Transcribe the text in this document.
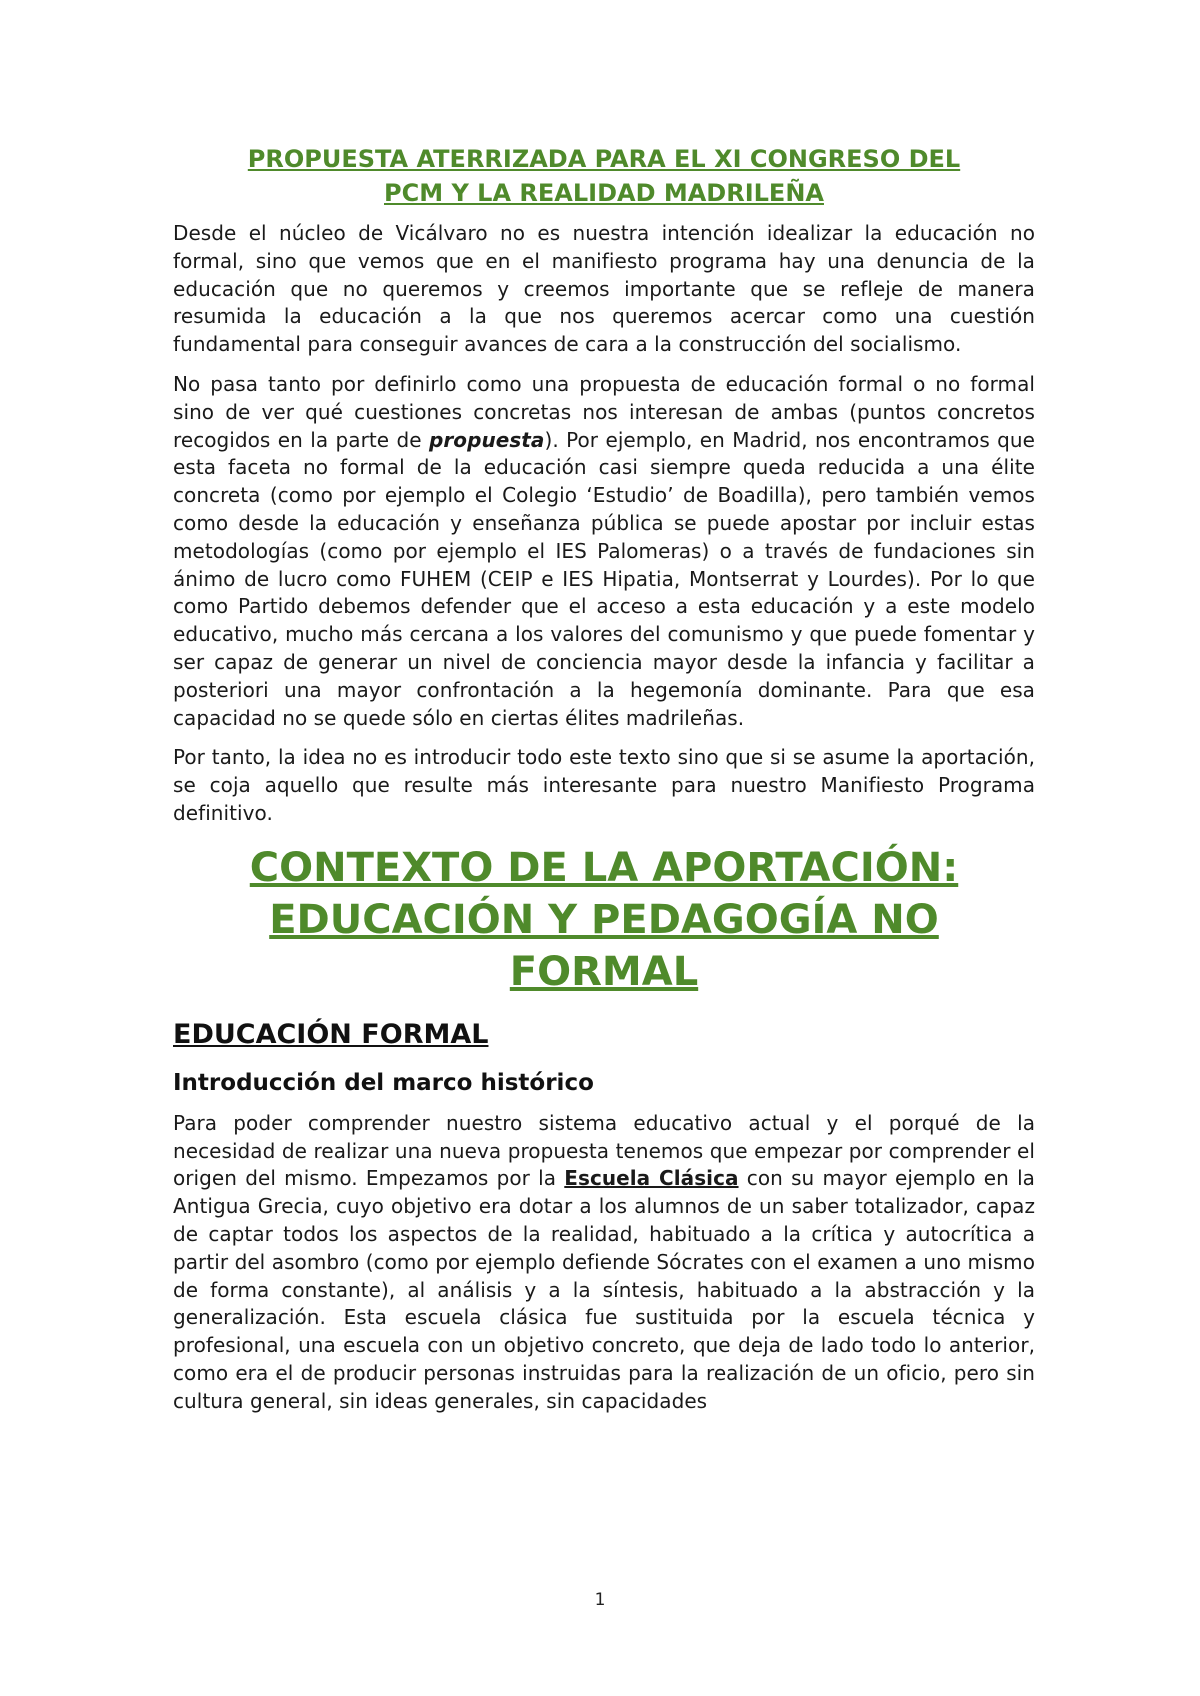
PROPUESTA ATERRIZADA PARA EL XI CONGRESO DEL
PCM Y LA REALIDAD MADRILEÑA

Desde el núcleo de Vicálvaro no es nuestra intención idealizar la educación no formal, sino que vemos que en el manifiesto programa hay una denuncia de la educación que no queremos y creemos importante que se refleje de manera resumida la educación a la que nos queremos acercar como una cuestión fundamental para conseguir avances de cara a la construcción del socialismo.

No pasa tanto por definirlo como una propuesta de educación formal o no formal sino de ver qué cuestiones concretas nos interesan de ambas (puntos concretos recogidos en la parte de propuesta). Por ejemplo, en Madrid, nos encontramos que esta faceta no formal de la educación casi siempre queda reducida a una élite concreta (como por ejemplo el Colegio ‘Estudio’ de Boadilla), pero también vemos como desde la educación y enseñanza pública se puede apostar por incluir estas metodologías (como por ejemplo el IES Palomeras) o a través de fundaciones sin ánimo de lucro como FUHEM (CEIP e IES Hipatia, Montserrat y Lourdes). Por lo que como Partido debemos defender que el acceso a esta educación y a este modelo educativo, mucho más cercana a los valores del comunismo y que puede fomentar y ser capaz de generar un nivel de conciencia mayor desde la infancia y facilitar a posteriori una mayor confrontación a la hegemonía dominante. Para que esa capacidad no se quede sólo en ciertas élites madrileñas.

Por tanto, la idea no es introducir todo este texto sino que si se asume la aportación, se coja aquello que resulte más interesante para nuestro Manifiesto Programa definitivo.

CONTEXTO DE LA APORTACIÓN:
EDUCACIÓN Y PEDAGOGÍA NO
FORMAL
EDUCACIÓN FORMAL
Introducción del marco histórico

Para poder comprender nuestro sistema educativo actual y el porqué de la necesidad de realizar una nueva propuesta tenemos que empezar por comprender el origen del mismo. Empezamos por la Escuela Clásica con su mayor ejemplo en la Antigua Grecia, cuyo objetivo era dotar a los alumnos de un saber totalizador, capaz de captar todos los aspectos de la realidad, habituado a la crítica y autocrítica a partir del asombro (como por ejemplo defiende Sócrates con el examen a uno mismo de forma constante), al análisis y a la síntesis, habituado a la abstracción y la generalización. Esta escuela clásica fue sustituida por la escuela técnica y profesional, una escuela con un objetivo concreto, que deja de lado todo lo anterior, como era el de producir personas instruidas para la realización de un oficio, pero sin cultura general, sin ideas generales, sin capacidades

1
